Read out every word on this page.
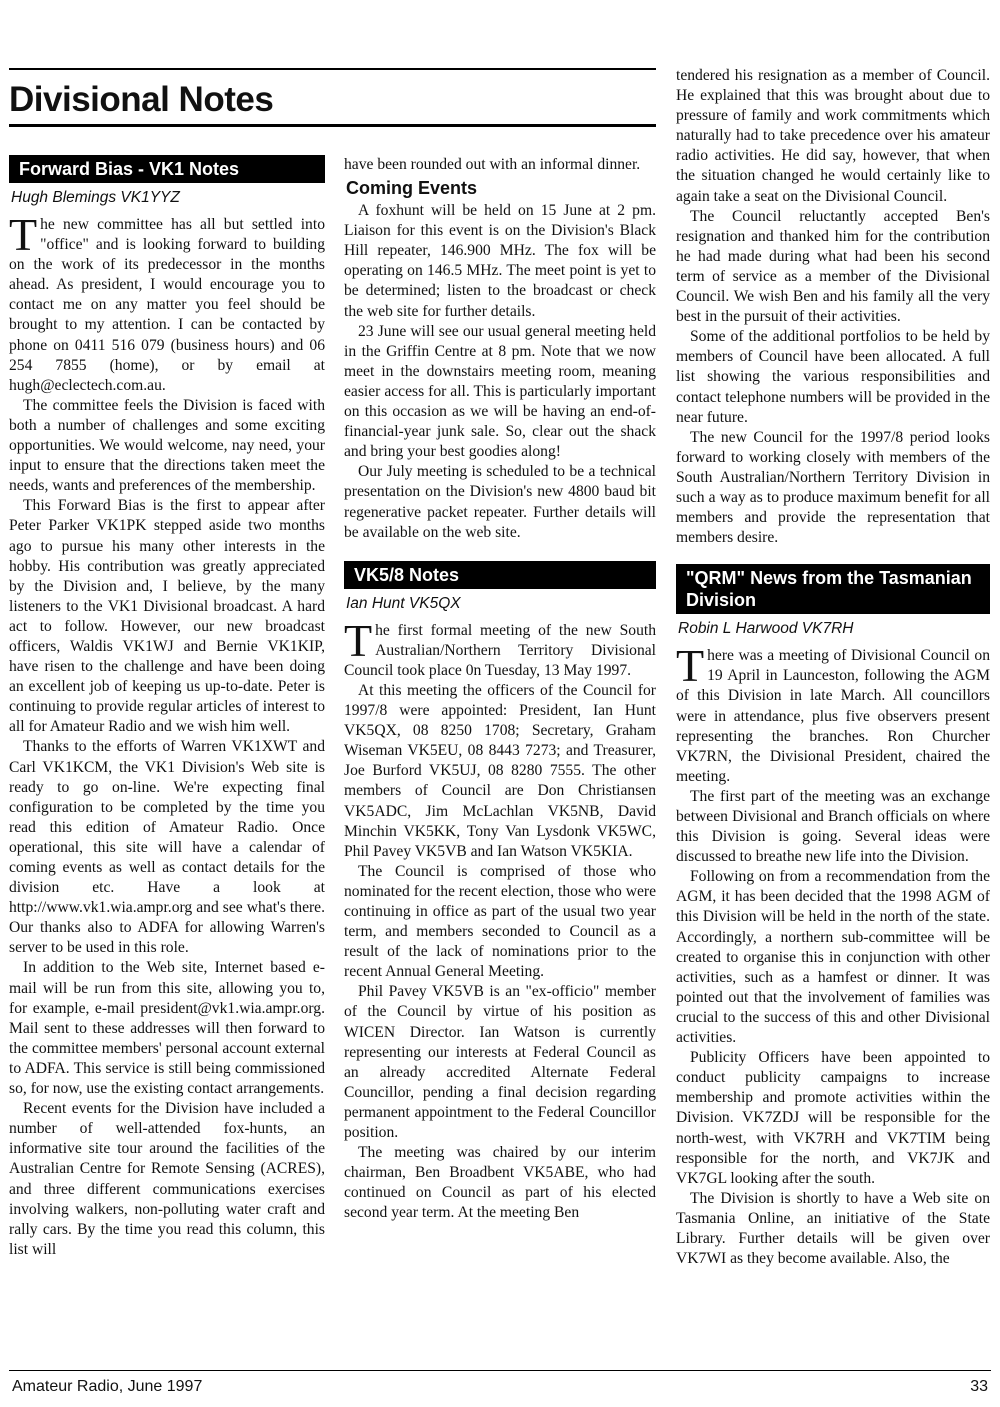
Divisional Notes
Forward Bias - VK1 Notes
Hugh Blemings VK1YYZ

The new committee has all but settled into "office" and is looking forward to building on the work of its predecessor in the months ahead. As president, I would encourage you to contact me on any matter you feel should be brought to my attention. I can be contacted by phone on 0411 516 079 (business hours) and 06 254 7855 (home), or by email at hugh@eclectech.com.au.

The committee feels the Division is faced with both a number of challenges and some exciting opportunities. We would welcome, nay need, your input to ensure that the directions taken meet the needs, wants and preferences of the membership.

This Forward Bias is the first to appear after Peter Parker VK1PK stepped aside two months ago to pursue his many other interests in the hobby. His contribution was greatly appreciated by the Division and, I believe, by the many listeners to the VK1 Divisional broadcast. A hard act to follow. However, our new broadcast officers, Waldis VK1WJ and Bernie VK1KIP, have risen to the challenge and have been doing an excellent job of keeping us up-to-date. Peter is continuing to provide regular articles of interest to all for Amateur Radio and we wish him well.

Thanks to the efforts of Warren VK1XWT and Carl VK1KCM, the VK1 Division's Web site is ready to go on-line. We're expecting final configuration to be completed by the time you read this edition of Amateur Radio. Once operational, this site will have a calendar of coming events as well as contact details for the division etc. Have a look at http://www.vk1.wia.ampr.org and see what's there. Our thanks also to ADFA for allowing Warren's server to be used in this role.

In addition to the Web site, Internet based e-mail will be run from this site, allowing you to, for example, e-mail president@vk1.wia.ampr.org. Mail sent to these addresses will then forward to the committee members' personal account external to ADFA. This service is still being commissioned so, for now, use the existing contact arrangements.

Recent events for the Division have included a number of well-attended fox-hunts, an informative site tour around the facilities of the Australian Centre for Remote Sensing (ACRES), and three different communications exercises involving walkers, non-polluting water craft and rally cars. By the time you read this column, this list will

have been rounded out with an informal dinner.

Coming Events

A foxhunt will be held on 15 June at 2 pm. Liaison for this event is on the Division's Black Hill repeater, 146.900 MHz. The fox will be operating on 146.5 MHz. The meet point is yet to be determined; listen to the broadcast or check the web site for further details.

23 June will see our usual general meeting held in the Griffin Centre at 8 pm. Note that we now meet in the downstairs meeting room, meaning easier access for all. This is particularly important on this occasion as we will be having an end-of-financial-year junk sale. So, clear out the shack and bring your best goodies along!

Our July meeting is scheduled to be a technical presentation on the Division's new 4800 baud bit regenerative packet repeater. Further details will be available on the web site.

VK5/8 Notes
Ian Hunt VK5QX

The first formal meeting of the new South Australian/Northern Territory Divisional Council took place 0n Tuesday, 13 May 1997.

At this meeting the officers of the Council for 1997/8 were appointed: President, Ian Hunt VK5QX, 08 8250 1708; Secretary, Graham Wiseman VK5EU, 08 8443 7273; and Treasurer, Joe Burford VK5UJ, 08 8280 7555. The other members of Council are Don Christiansen VK5ADC, Jim McLachlan VK5NB, David Minchin VK5KK, Tony Van Lysdonk VK5WC, Phil Pavey VK5VB and Ian Watson VK5KIA.

The Council is comprised of those who nominated for the recent election, those who were continuing in office as part of the usual two year term, and members seconded to Council as a result of the lack of nominations prior to the recent Annual General Meeting.

Phil Pavey VK5VB is an "ex-officio" member of the Council by virtue of his position as WICEN Director. Ian Watson is currently representing our interests at Federal Council as an already accredited Alternate Federal Councillor, pending a final decision regarding permanent appointment to the Federal Councillor position.

The meeting was chaired by our interim chairman, Ben Broadbent VK5ABE, who had continued on Council as part of his elected second year term. At the meeting Ben

tendered his resignation as a member of Council. He explained that this was brought about due to pressure of family and work commitments which naturally had to take precedence over his amateur radio activities. He did say, however, that when the situation changed he would certainly like to again take a seat on the Divisional Council.

The Council reluctantly accepted Ben's resignation and thanked him for the contribution he had made during what had been his second term of service as a member of the Divisional Council. We wish Ben and his family all the very best in the pursuit of their activities.

Some of the additional portfolios to be held by members of Council have been allocated. A full list showing the various responsibilities and contact telephone numbers will be provided in the near future.

The new Council for the 1997/8 period looks forward to working closely with members of the South Australian/Northern Territory Division in such a way as to produce maximum benefit for all members and provide the representation that members desire.

"QRM" News from the Tasmanian Division
Robin L Harwood VK7RH

There was a meeting of Divisional Council on 19 April in Launceston, following the AGM of this Division in late March. All councillors were in attendance, plus five observers present representing the branches. Ron Churcher VK7RN, the Divisional President, chaired the meeting.

The first part of the meeting was an exchange between Divisional and Branch officials on where this Division is going. Several ideas were discussed to breathe new life into the Division.

Following on from a recommendation from the AGM, it has been decided that the 1998 AGM of this Division will be held in the north of the state. Accordingly, a northern sub-committee will be created to organise this in conjunction with other activities, such as a hamfest or dinner. It was pointed out that the involvement of families was crucial to the success of this and other Divisional activities.

Publicity Officers have been appointed to conduct publicity campaigns to increase membership and promote activities within the Division. VK7ZDJ will be responsible for the north-west, with VK7RH and VK7TIM being responsible for the north, and VK7JK and VK7GL looking after the south.

The Division is shortly to have a Web site on Tasmania Online, an initiative of the State Library. Further details will be given over VK7WI as they become available. Also, the

Amateur Radio, June 1997	33
